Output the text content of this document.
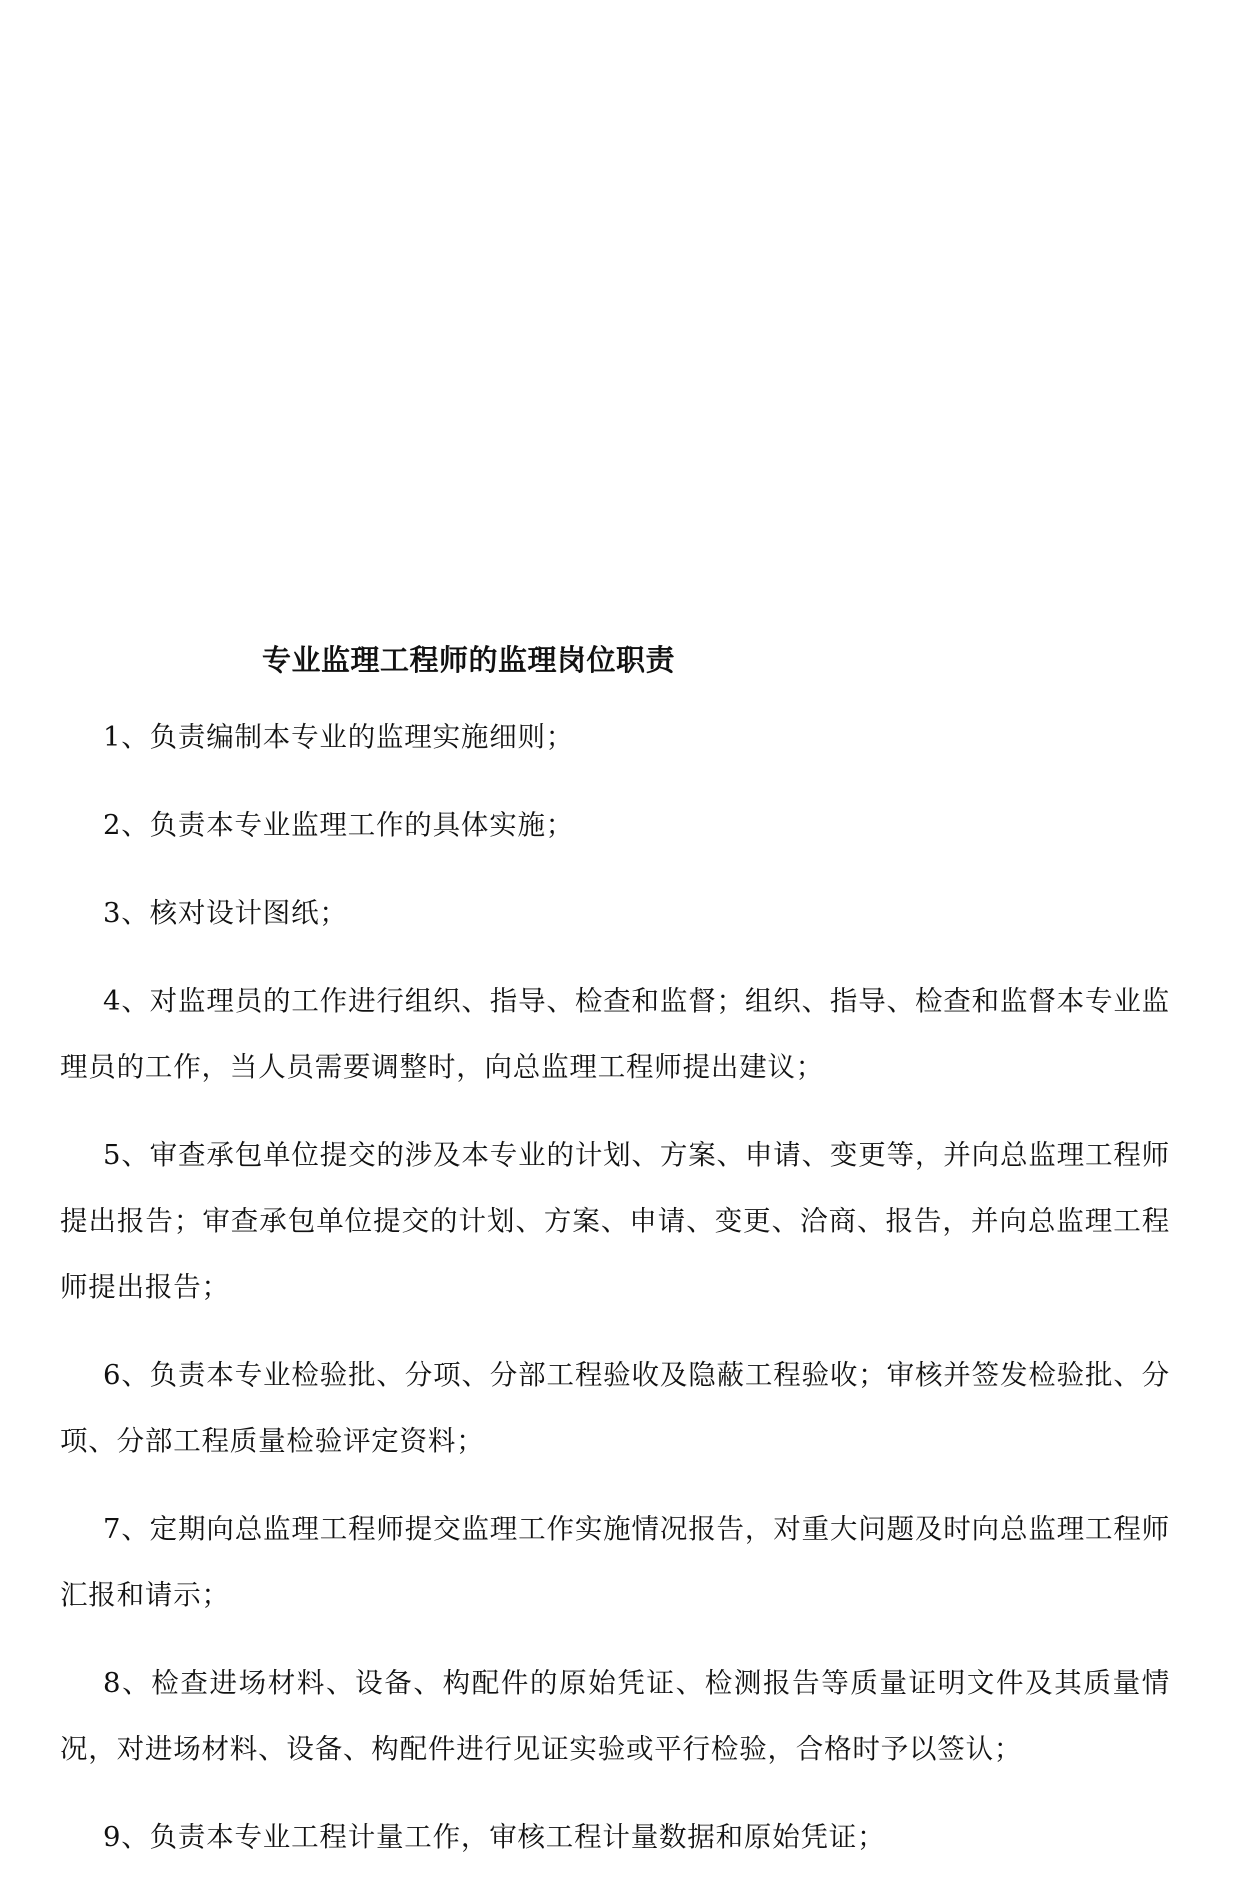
专业监理工程师的监理岗位职责

1、负责编制本专业的监理实施细则；

2、负责本专业监理工作的具体实施；

3、核对设计图纸；

4、对监理员的工作进行组织、指导、检查和监督；组织、指导、检查和监督本专业监理员的工作，当人员需要调整时，向总监理工程师提出建议；

5、审查承包单位提交的涉及本专业的计划、方案、申请、变更等，并向总监理工程师提出报告；审查承包单位提交的计划、方案、申请、变更、洽商、报告，并向总监理工程师提出报告；

6、负责本专业检验批、分项、分部工程验收及隐蔽工程验收；审核并签发检验批、分项、分部工程质量检验评定资料；

7、定期向总监理工程师提交监理工作实施情况报告，对重大问题及时向总监理工程师汇报和请示；

8、检查进场材料、设备、构配件的原始凭证、检测报告等质量证明文件及其质量情况，对进场材料、设备、构配件进行见证实验或平行检验，合格时予以签认；

9、负责本专业工程计量工作，审核工程计量数据和原始凭证；
